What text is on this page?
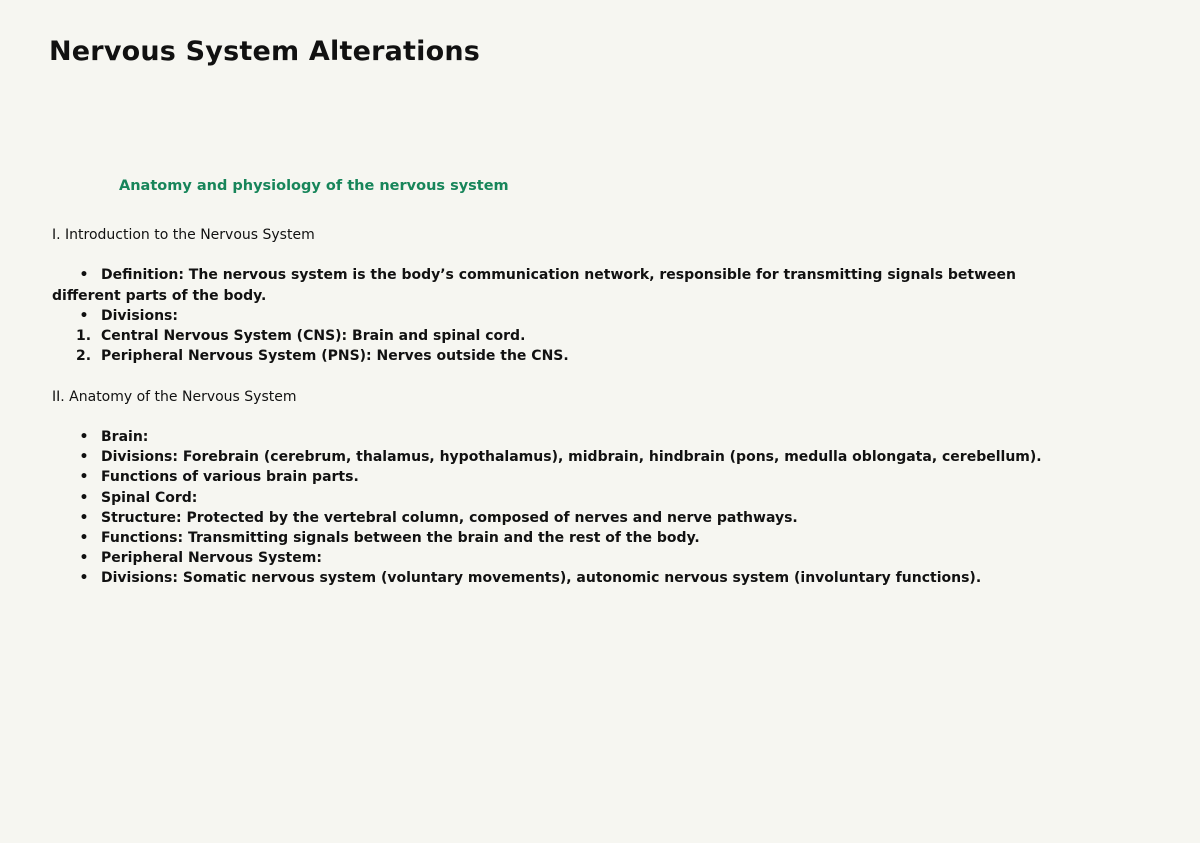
Nervous System Alterations

Anatomy and physiology of the nervous system

I. Introduction to the Nervous System
• Definition: The nervous system is the body’s communication network, responsible for transmitting signals between different parts of the body.
• Divisions:
1. Central Nervous System (CNS): Brain and spinal cord.
2. Peripheral Nervous System (PNS): Nerves outside the CNS.
II. Anatomy of the Nervous System
• Brain:
• Divisions: Forebrain (cerebrum, thalamus, hypothalamus), midbrain, hindbrain (pons, medulla oblongata, cerebellum).
• Functions of various brain parts.
• Spinal Cord:
• Structure: Protected by the vertebral column, composed of nerves and nerve pathways.
• Functions: Transmitting signals between the brain and the rest of the body.
• Peripheral Nervous System:
• Divisions: Somatic nervous system (voluntary movements), autonomic nervous system (involuntary functions).
